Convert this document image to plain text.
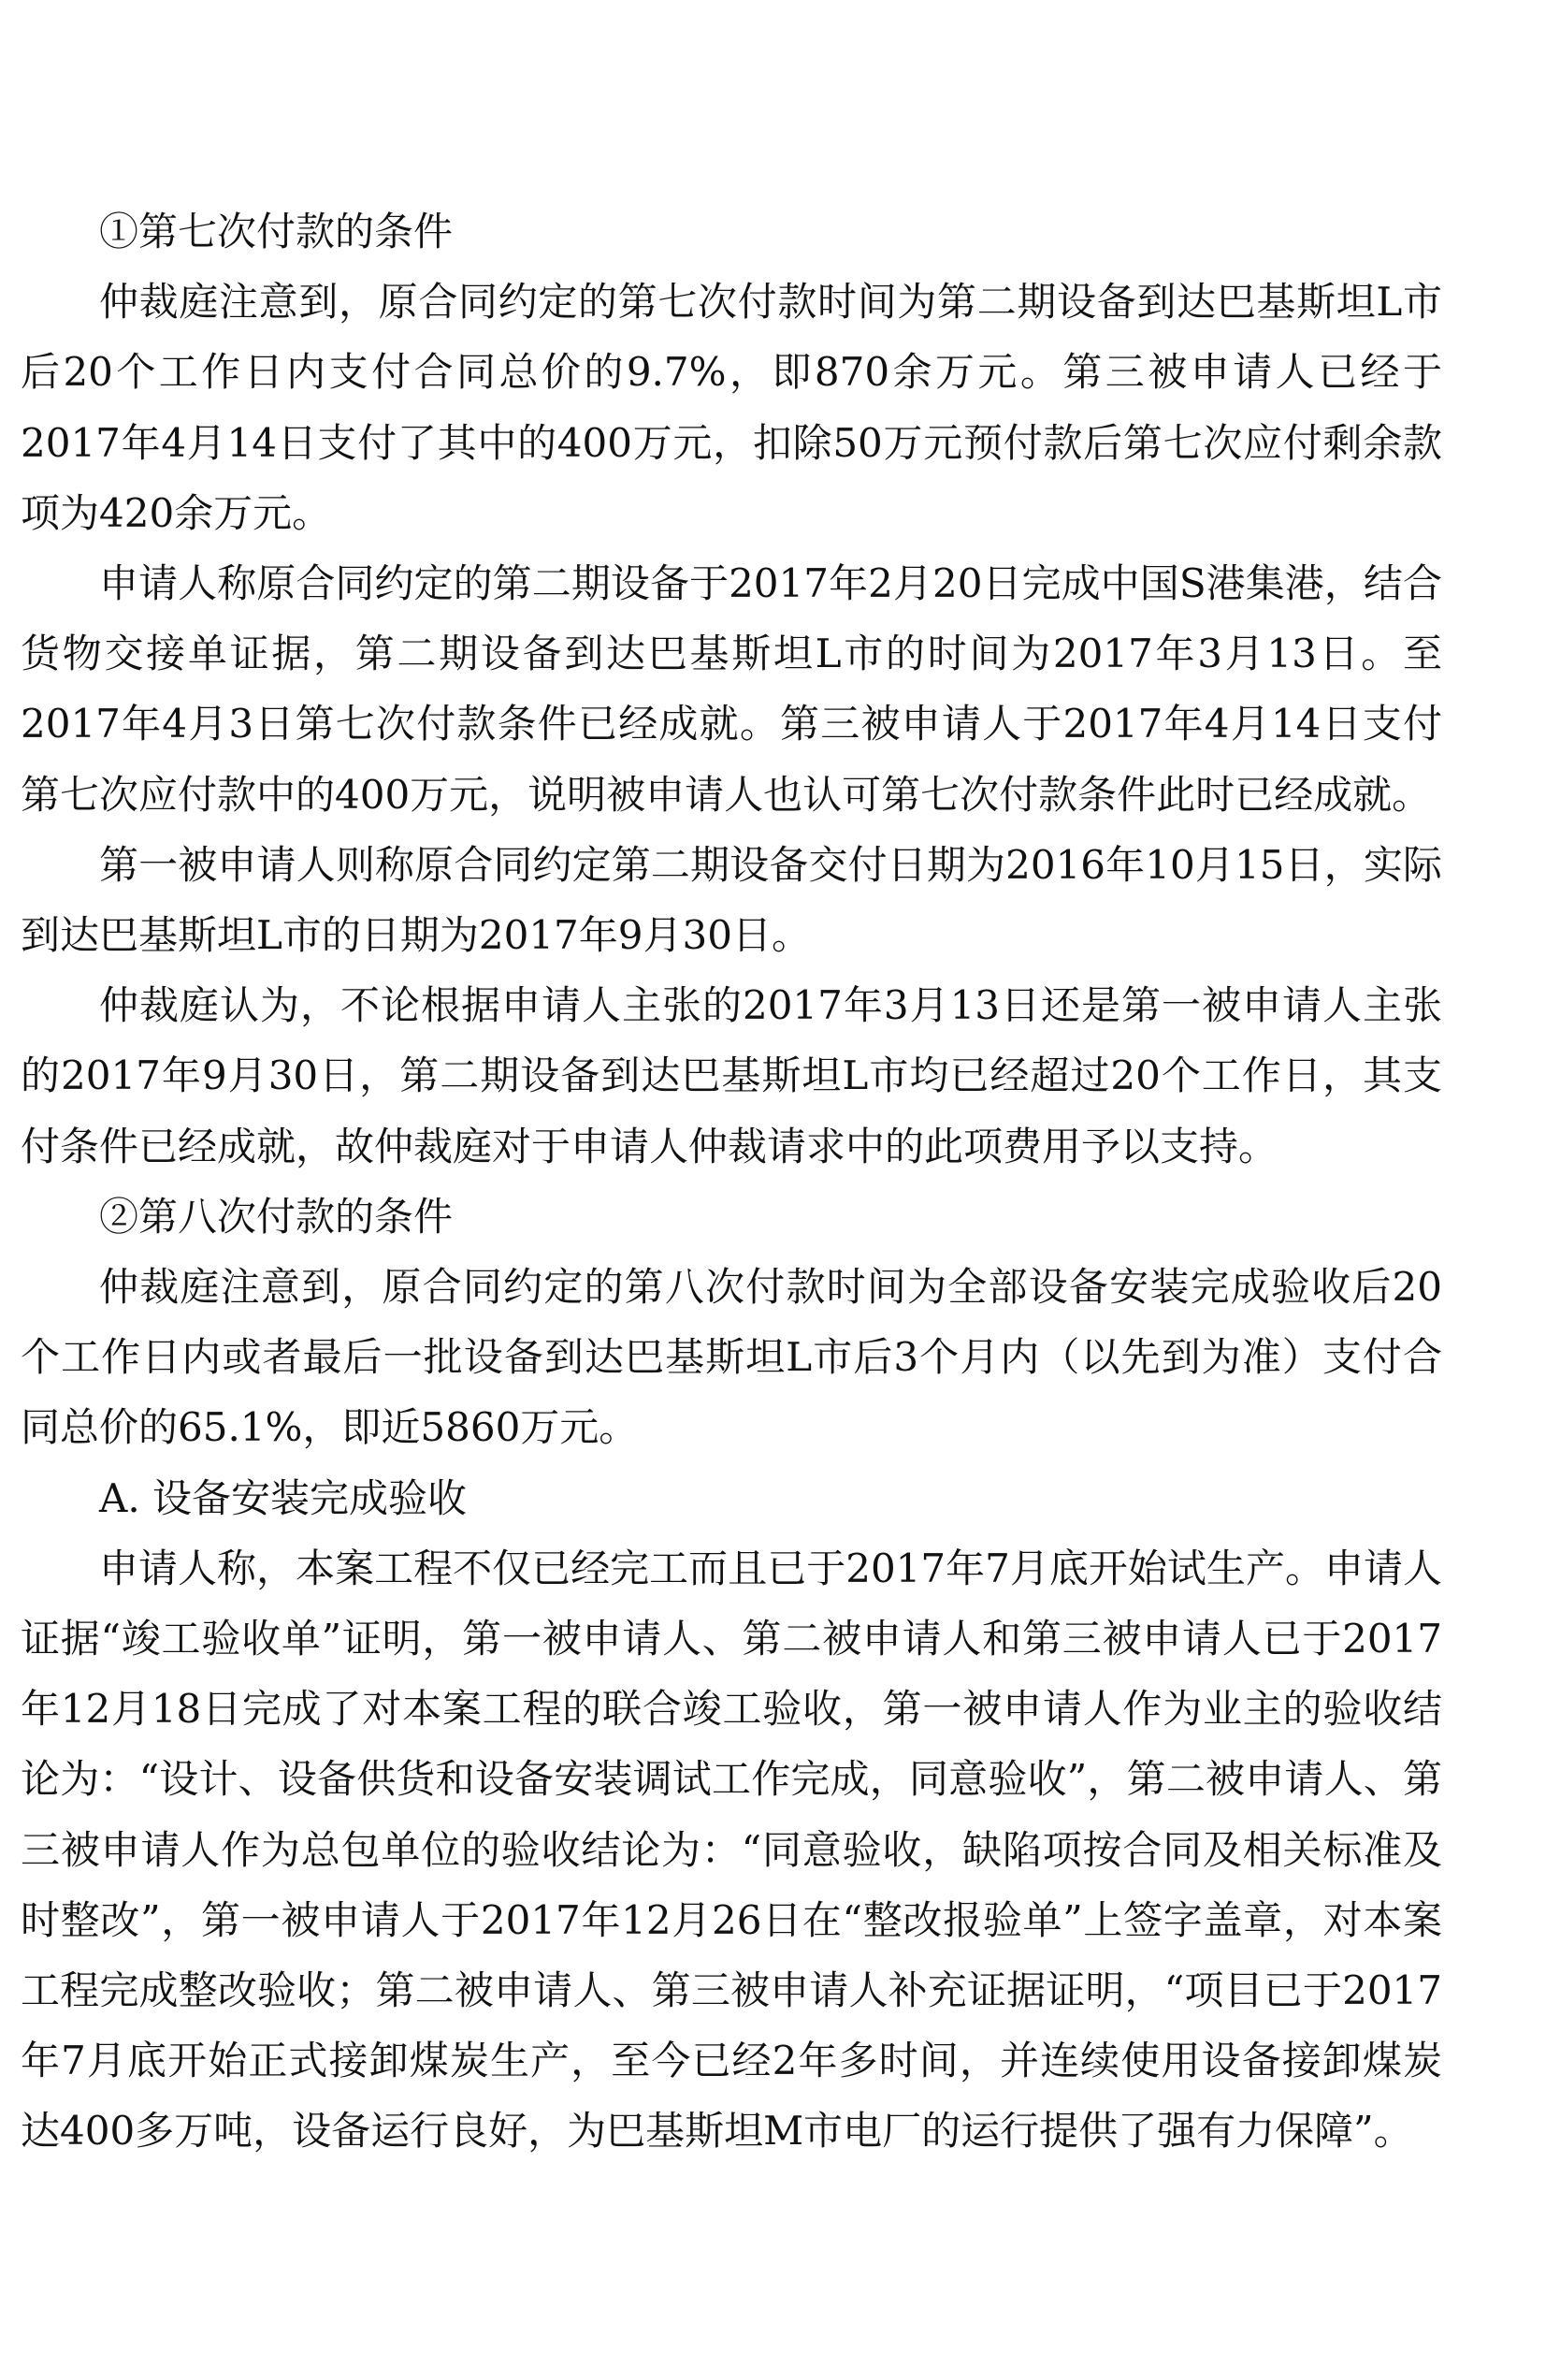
①第七次付款的条件

仲裁庭注意到，原合同约定的第七次付款时间为第二期设备到达巴基斯坦L市后20个工作日内支付合同总价的9.7%，即870余万元。第三被申请人已经于2017年4月14日支付了其中的400万元，扣除50万元预付款后第七次应付剩余款项为420余万元。

申请人称原合同约定的第二期设备于2017年2月20日完成中国S港集港，结合货物交接单证据，第二期设备到达巴基斯坦L市的时间为2017年3月13日。至2017年4月3日第七次付款条件已经成就。第三被申请人于2017年4月14日支付第七次应付款中的400万元，说明被申请人也认可第七次付款条件此时已经成就。

第一被申请人则称原合同约定第二期设备交付日期为2016年10月15日，实际到达巴基斯坦L市的日期为2017年9月30日。

仲裁庭认为，不论根据申请人主张的2017年3月13日还是第一被申请人主张的2017年9月30日，第二期设备到达巴基斯坦L市均已经超过20个工作日，其支付条件已经成就，故仲裁庭对于申请人仲裁请求中的此项费用予以支持。

②第八次付款的条件

仲裁庭注意到，原合同约定的第八次付款时间为全部设备安装完成验收后20个工作日内或者最后一批设备到达巴基斯坦L市后3个月内（以先到为准）支付合同总价的65.1%，即近5860万元。

A. 设备安装完成验收

申请人称，本案工程不仅已经完工而且已于2017年7月底开始试生产。申请人证据“竣工验收单”证明，第一被申请人、第二被申请人和第三被申请人已于2017年12月18日完成了对本案工程的联合竣工验收，第一被申请人作为业主的验收结论为：“设计、设备供货和设备安装调试工作完成，同意验收”，第二被申请人、第三被申请人作为总包单位的验收结论为：“同意验收，缺陷项按合同及相关标准及时整改”，第一被申请人于2017年12月26日在“整改报验单”上签字盖章，对本案工程完成整改验收；第二被申请人、第三被申请人补充证据证明，“项目已于2017年7月底开始正式接卸煤炭生产，至今已经2年多时间，并连续使用设备接卸煤炭达400多万吨，设备运行良好，为巴基斯坦M市电厂的运行提供了强有力保障”。
